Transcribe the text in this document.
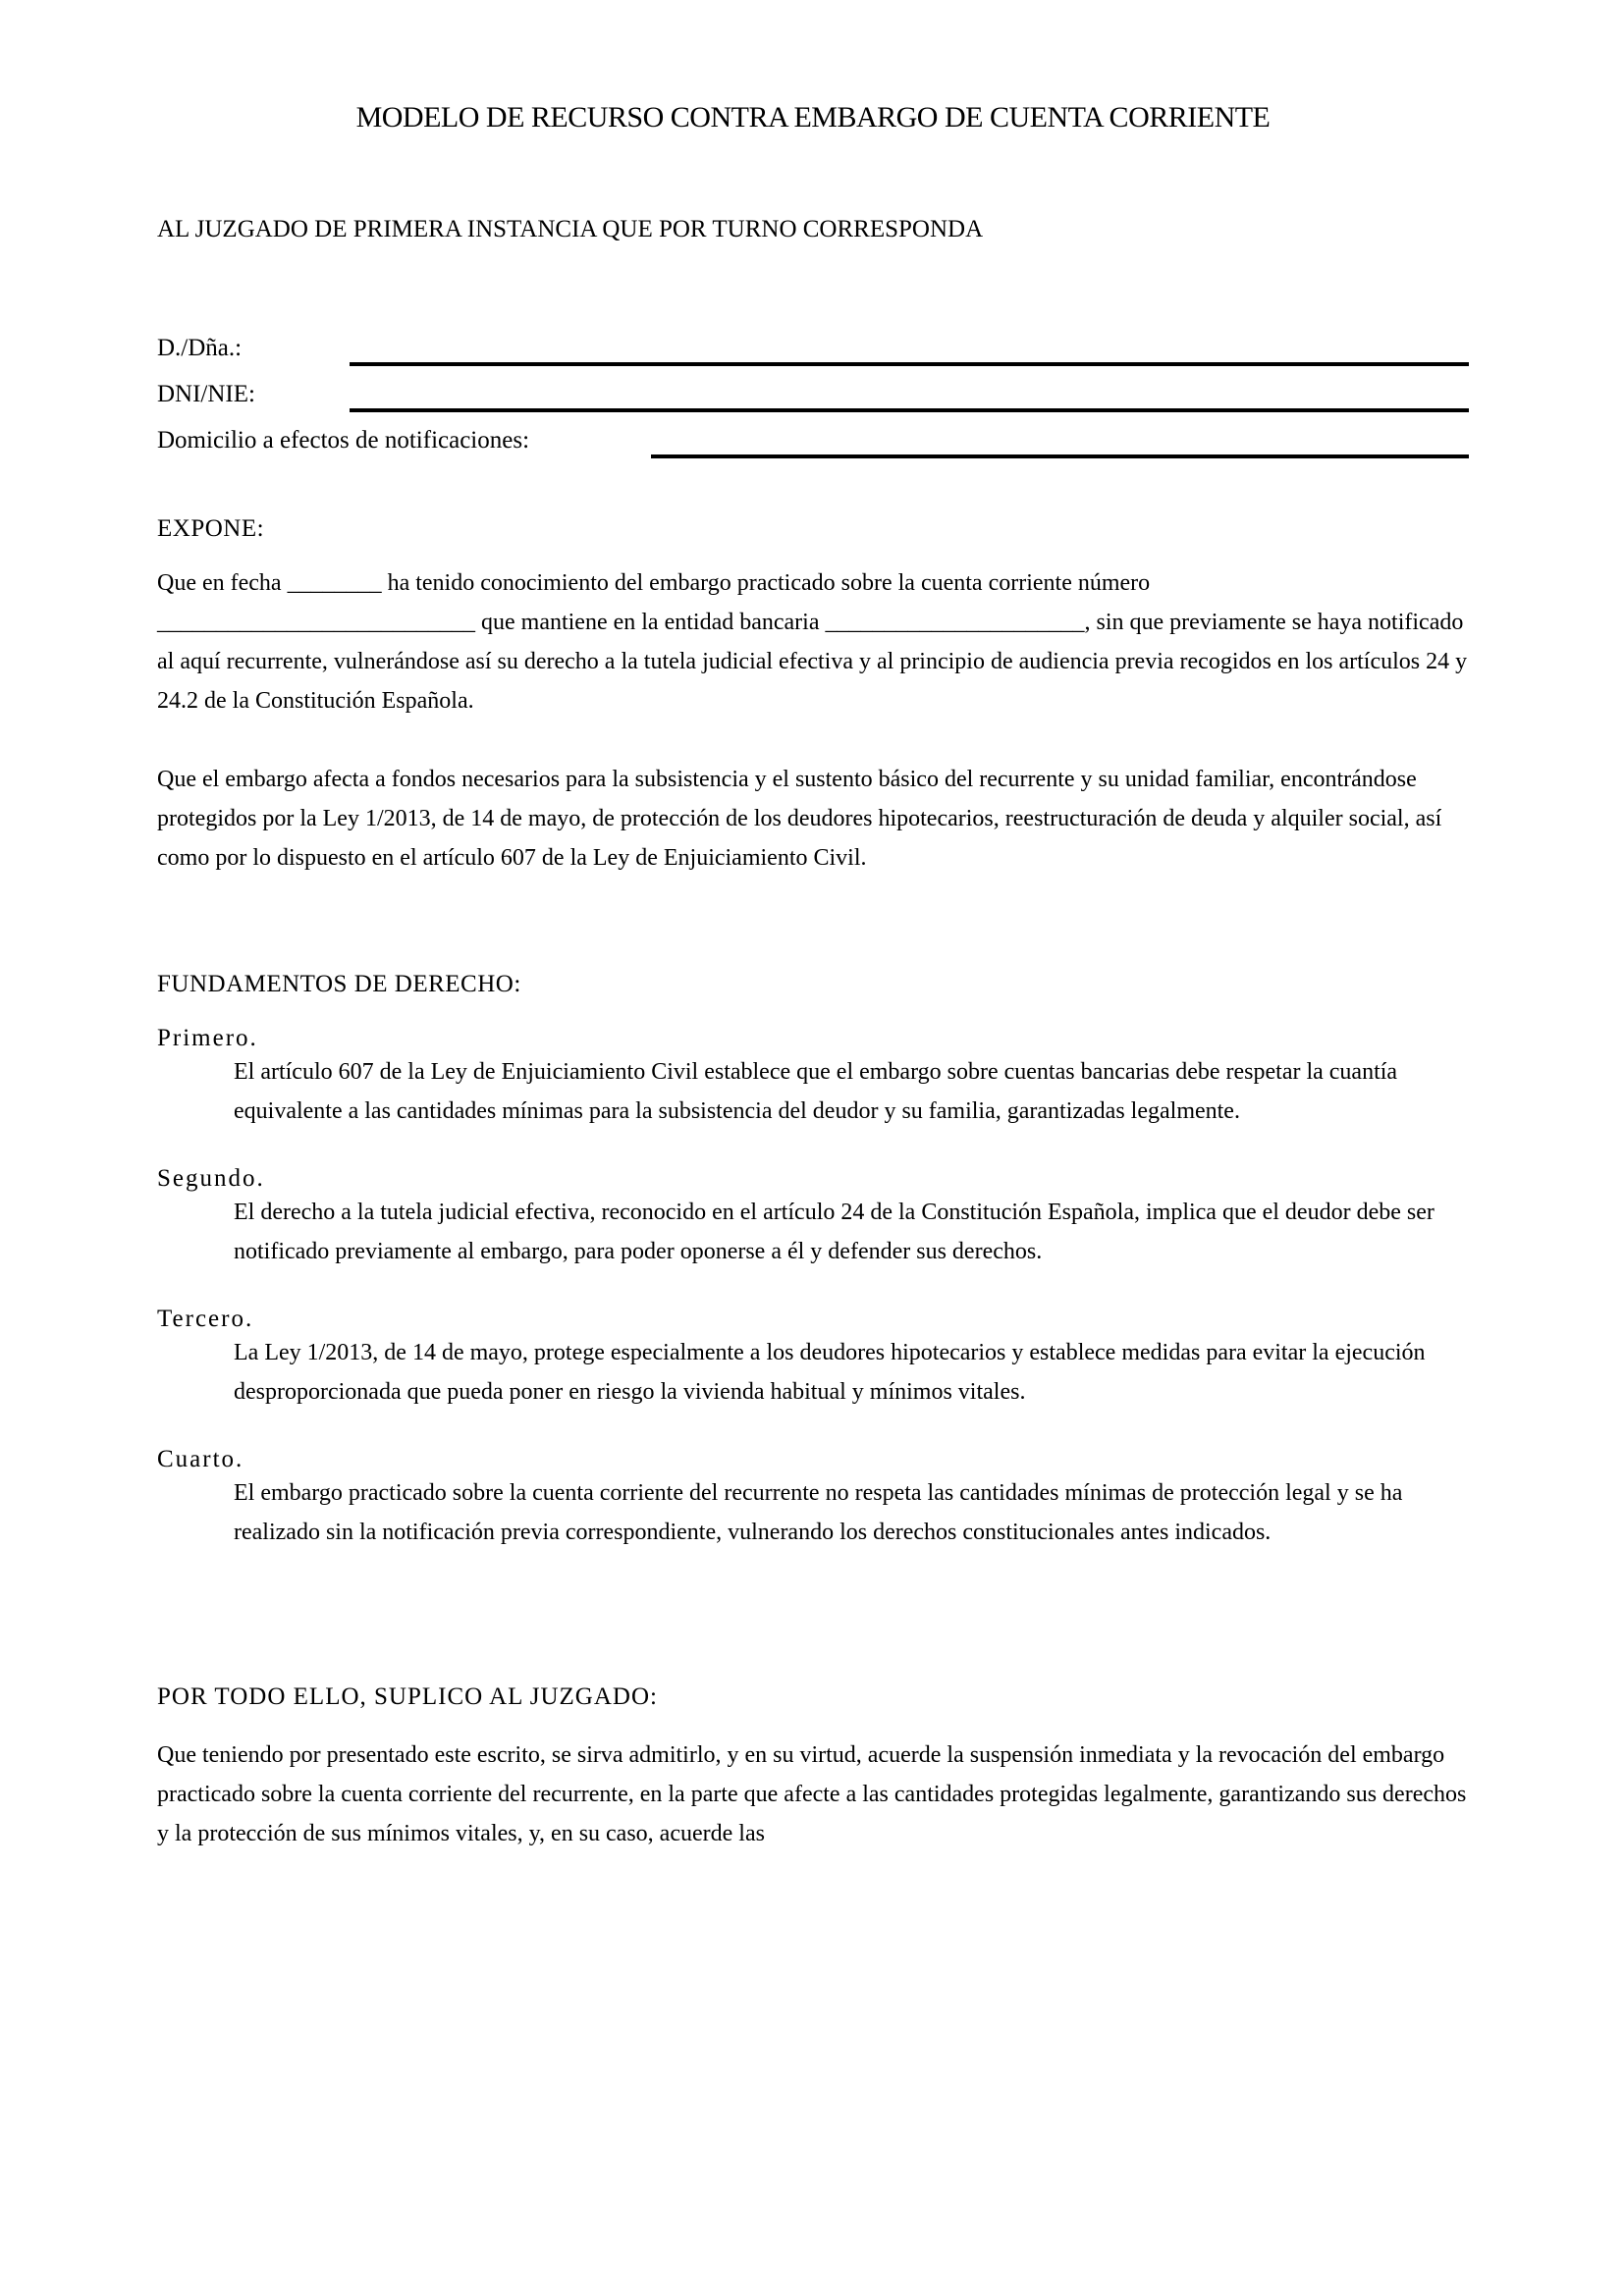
MODELO DE RECURSO CONTRA EMBARGO DE CUENTA CORRIENTE

AL JUZGADO DE PRIMERA INSTANCIA QUE POR TURNO CORRESPONDA

D./Dña.:
DNI/NIE:
Domicilio a efectos de notificaciones:

EXPONE:

Que en fecha ________ ha tenido conocimiento del embargo practicado sobre la cuenta corriente número ___________________________ que mantiene en la entidad bancaria ______________________, sin que previamente se haya notificado al aquí recurrente, vulnerándose así su derecho a la tutela judicial efectiva y al principio de audiencia previa recogidos en los artículos 24 y 24.2 de la Constitución Española.

Que el embargo afecta a fondos necesarios para la subsistencia y el sustento básico del recurrente y su unidad familiar, encontrándose protegidos por la Ley 1/2013, de 14 de mayo, de protección de los deudores hipotecarios, reestructuración de deuda y alquiler social, así como por lo dispuesto en el artículo 607 de la Ley de Enjuiciamiento Civil.

FUNDAMENTOS DE DERECHO:

Primero.

El artículo 607 de la Ley de Enjuiciamiento Civil establece que el embargo sobre cuentas bancarias debe respetar la cuantía equivalente a las cantidades mínimas para la subsistencia del deudor y su familia, garantizadas legalmente.

Segundo.

El derecho a la tutela judicial efectiva, reconocido en el artículo 24 de la Constitución Española, implica que el deudor debe ser notificado previamente al embargo, para poder oponerse a él y defender sus derechos.

Tercero.

La Ley 1/2013, de 14 de mayo, protege especialmente a los deudores hipotecarios y establece medidas para evitar la ejecución desproporcionada que pueda poner en riesgo la vivienda habitual y mínimos vitales.

Cuarto.

El embargo practicado sobre la cuenta corriente del recurrente no respeta las cantidades mínimas de protección legal y se ha realizado sin la notificación previa correspondiente, vulnerando los derechos constitucionales antes indicados.

POR TODO ELLO, SUPLICO AL JUZGADO:

Que teniendo por presentado este escrito, se sirva admitirlo, y en su virtud, acuerde la suspensión inmediata y la revocación del embargo practicado sobre la cuenta corriente del recurrente, en la parte que afecte a las cantidades protegidas legalmente, garantizando sus derechos y la protección de sus mínimos vitales, y, en su caso, acuerde las
